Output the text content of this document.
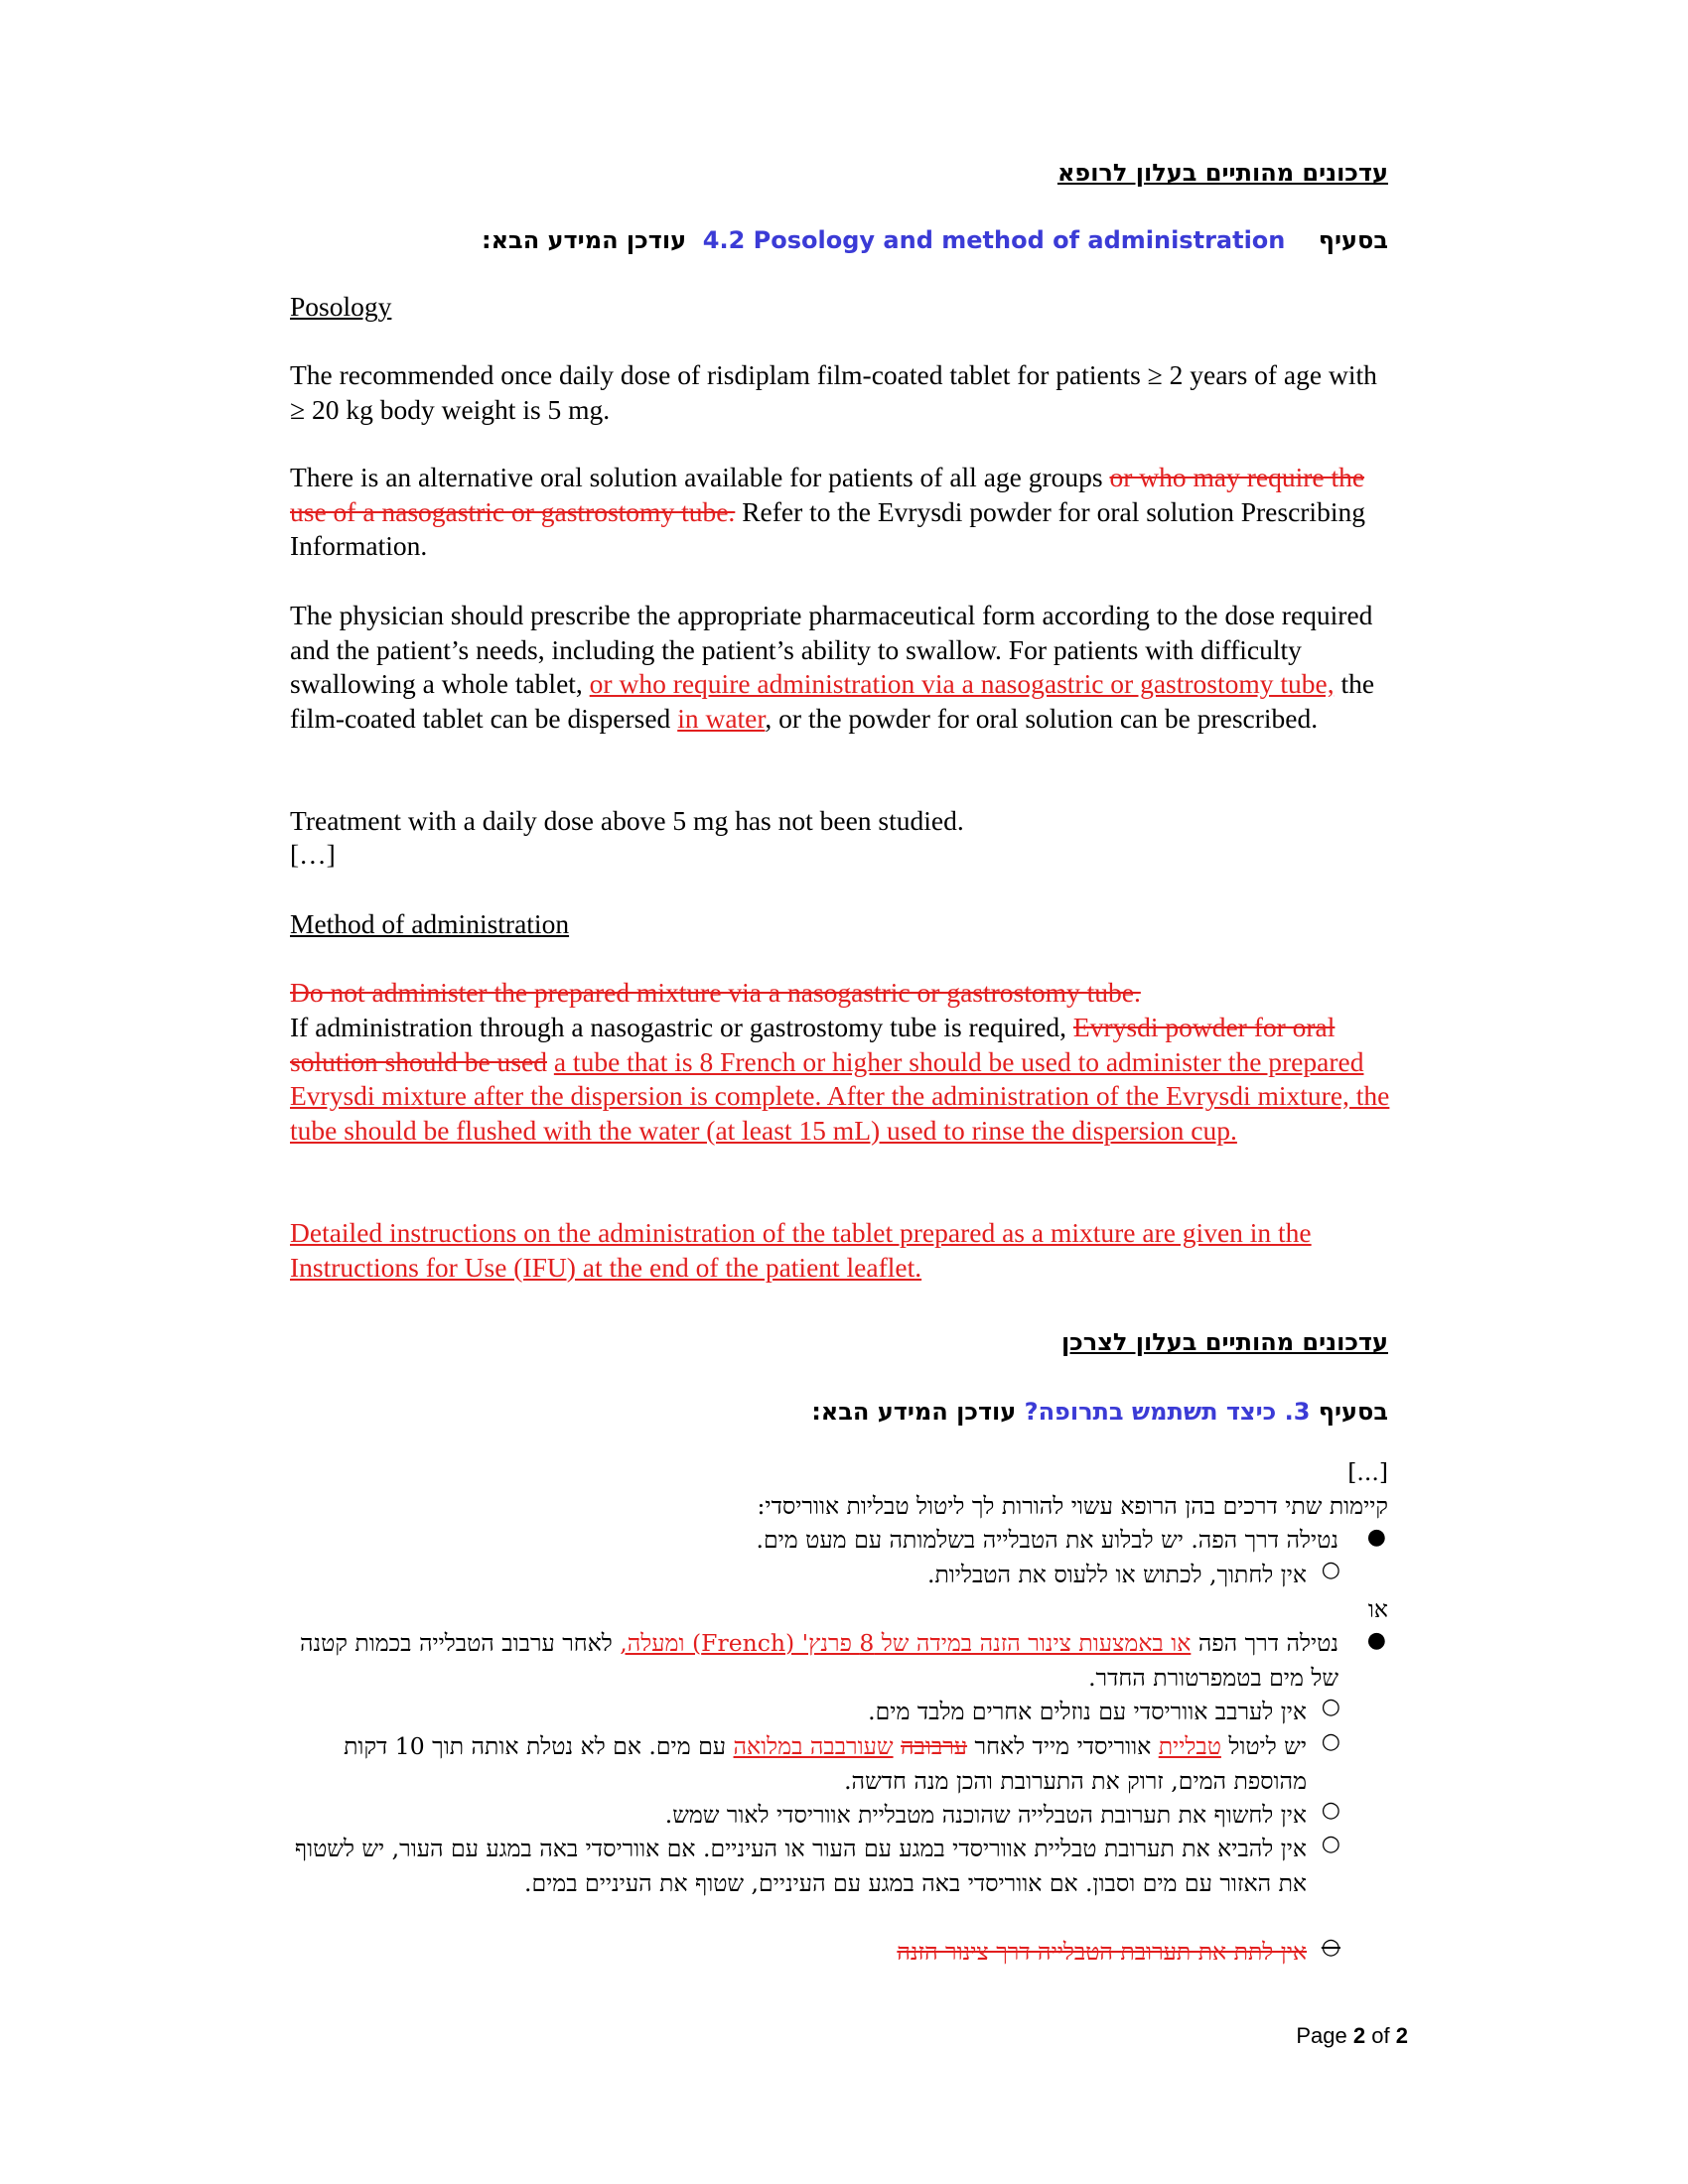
עדכונים מהותיים בעלון לרופא
בסעיף    4.2 Posology and method of administration  עודכן המידע הבא:
Posology
The recommended once daily dose of risdiplam film-coated tablet for patients ≥ 2 years of age with ≥ 20 kg body weight is 5 mg.
There is an alternative oral solution available for patients of all age groups or who may require the use of a nasogastric or gastrostomy tube. Refer to the Evrysdi powder for oral solution Prescribing Information.
The physician should prescribe the appropriate pharmaceutical form according to the dose required and the patient’s needs, including the patient’s ability to swallow. For patients with difficulty swallowing a whole tablet, or who require administration via a nasogastric or gastrostomy tube, the film-coated tablet can be dispersed in water, or the powder for oral solution can be prescribed.
Treatment with a daily dose above 5 mg has not been studied.
[…]
Method of administration
Do not administer the prepared mixture via a nasogastric or gastrostomy tube.
If administration through a nasogastric or gastrostomy tube is required, Evrysdi powder for oral solution should be used a tube that is 8 French or higher should be used to administer the prepared Evrysdi mixture after the dispersion is complete. After the administration of the Evrysdi mixture, the tube should be flushed with the water (at least 15 mL) used to rinse the dispersion cup.
Detailed instructions on the administration of the tablet prepared as a mixture are given in the Instructions for Use (IFU) at the end of the patient leaflet.
עדכונים מהותיים בעלון לצרכן
בסעיף 3. כיצד תשתמש בתרופה? עודכן המידע הבא:
[...]
קיימות שתי דרכים בהן הרופא עשוי להורות לך ליטול טבליות אווריסדי:
●
נטילה דרך הפה. יש לבלוע את הטבלייה בשלמותה עם מעט מים.
○
אין לחתוך, לכתוש או ללעוס את הטבליות.
או
●
נטילה דרך הפה או באמצעות צינור הזנה במידה של 8 פרנץ' (French) ומעלה, לאחר ערבוב הטבלייה בכמות קטנה של מים בטמפרטורת החדר.
○
אין לערבב אווריסדי עם נוזלים אחרים מלבד מים.
○
יש ליטול טבליית אווריסדי מייד לאחר ערבובה שעורבבה במלואה עם מים. אם לא נטלת אותה תוך 10 דקות מהוספת המים, זרוק את התערובת והכן מנה חדשה.
○
אין לחשוף את תערובת הטבלייה שהוכנה מטבליית אווריסדי לאור שמש.
○
אין להביא את תערובת טבליית אווריסדי במגע עם העור או העיניים. אם אווריסדי באה במגע עם העור, יש לשטוף את האזור עם מים וסבון. אם אווריסדי באה במגע עם העיניים, שטוף את העיניים במים.
○
אין לתת את תערובת הטבלייה דרך צינור הזנה
Page 2 of 2
